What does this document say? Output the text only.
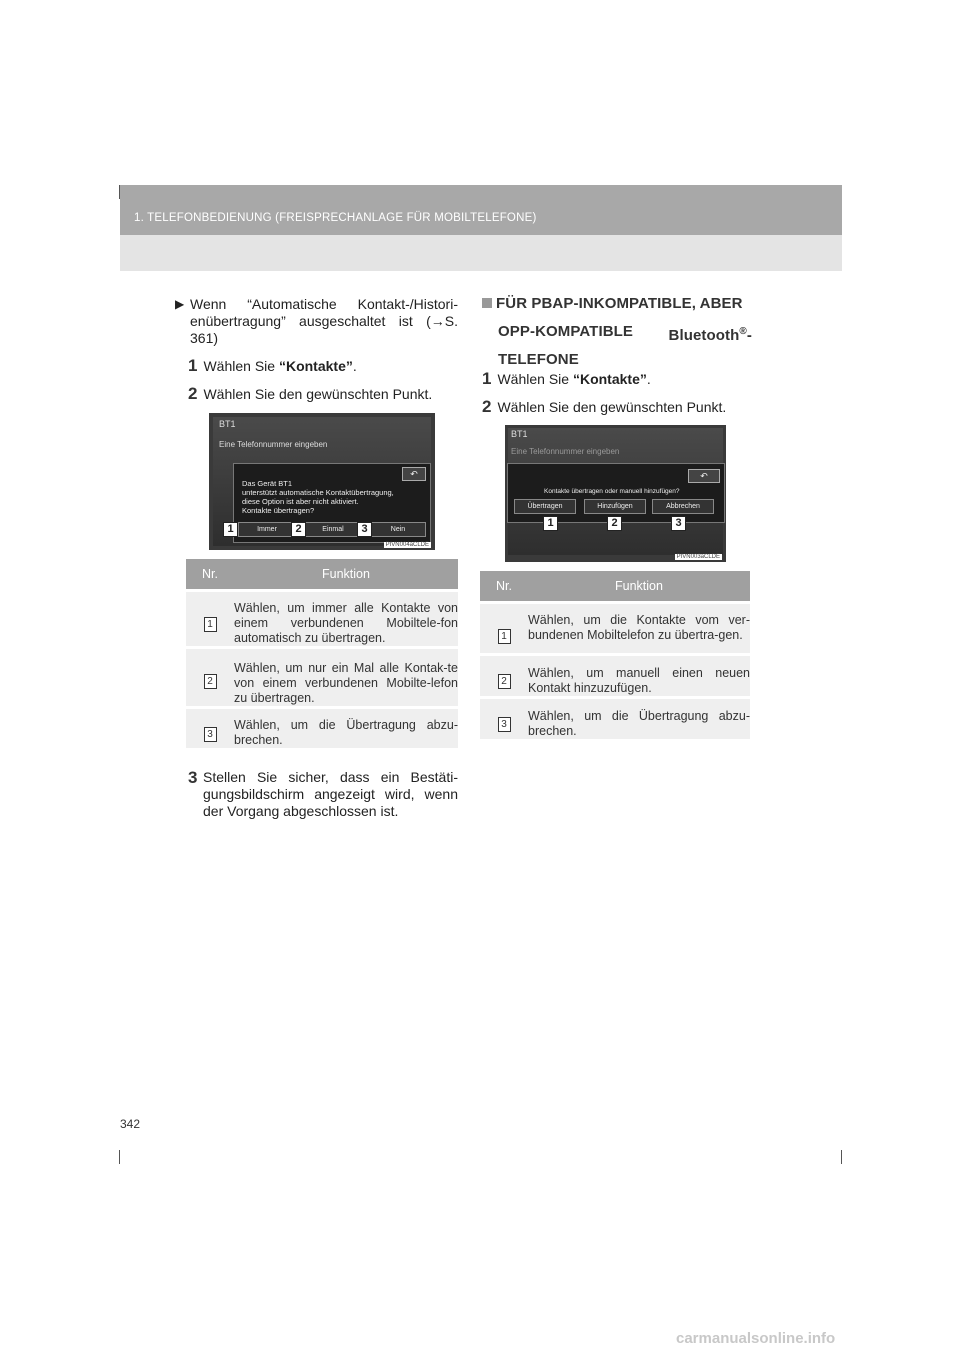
1. TELEFONBEDIENUNG (FREISPRECHANLAGE FÜR MOBILTELEFONE)
▶ Wenn “Automatische Kontakt-/Histori-enübertragung” ausgeschaltet ist (→S. 361)
1 Wählen Sie “Kontakte”.
2 Wählen Sie den gewünschten Punkt.
BT1
Eine Telefonnummer eingeben
↶
Das Gerät BT1
unterstützt automatische Kontaktübertragung,
diese Option ist aber nicht aktiviert.
Kontakte übertragen?
Immer	Einmal	Nein
1	2	3
PIVN004aCLDE
Nr.	Funktion
1	Wählen, um immer alle Kontakte von einem verbundenen Mobiltele-fon automatisch zu übertragen.
2	Wählen, um nur ein Mal alle Kontak-te von einem verbundenen Mobilte-lefon zu übertragen.
3	Wählen, um die Übertragung abzu-brechen.
3 Stellen Sie sicher, dass ein Bestäti-gungsbildschirm angezeigt wird, wenn der Vorgang abgeschlossen ist.
FÜR PBAP-INKOMPATIBLE, ABER
OPP-KOMPATIBLE Bluetooth®-
TELEFONE
1 Wählen Sie “Kontakte”.
2 Wählen Sie den gewünschten Punkt.
BT1
Eine Telefonnummer eingeben
↶
Kontakte übertragen oder manuell hinzufügen?
Übertragen	Hinzufügen	Abbrechen
1	2	3
PIVN003aCLDE
Nr.	Funktion
1	Wählen, um die Kontakte vom ver-bundenen Mobiltelefon zu übertra-gen.
2	Wählen, um manuell einen neuen Kontakt hinzuzufügen.
3	Wählen, um die Übertragung abzu-brechen.
342
carmanualsonline.info
